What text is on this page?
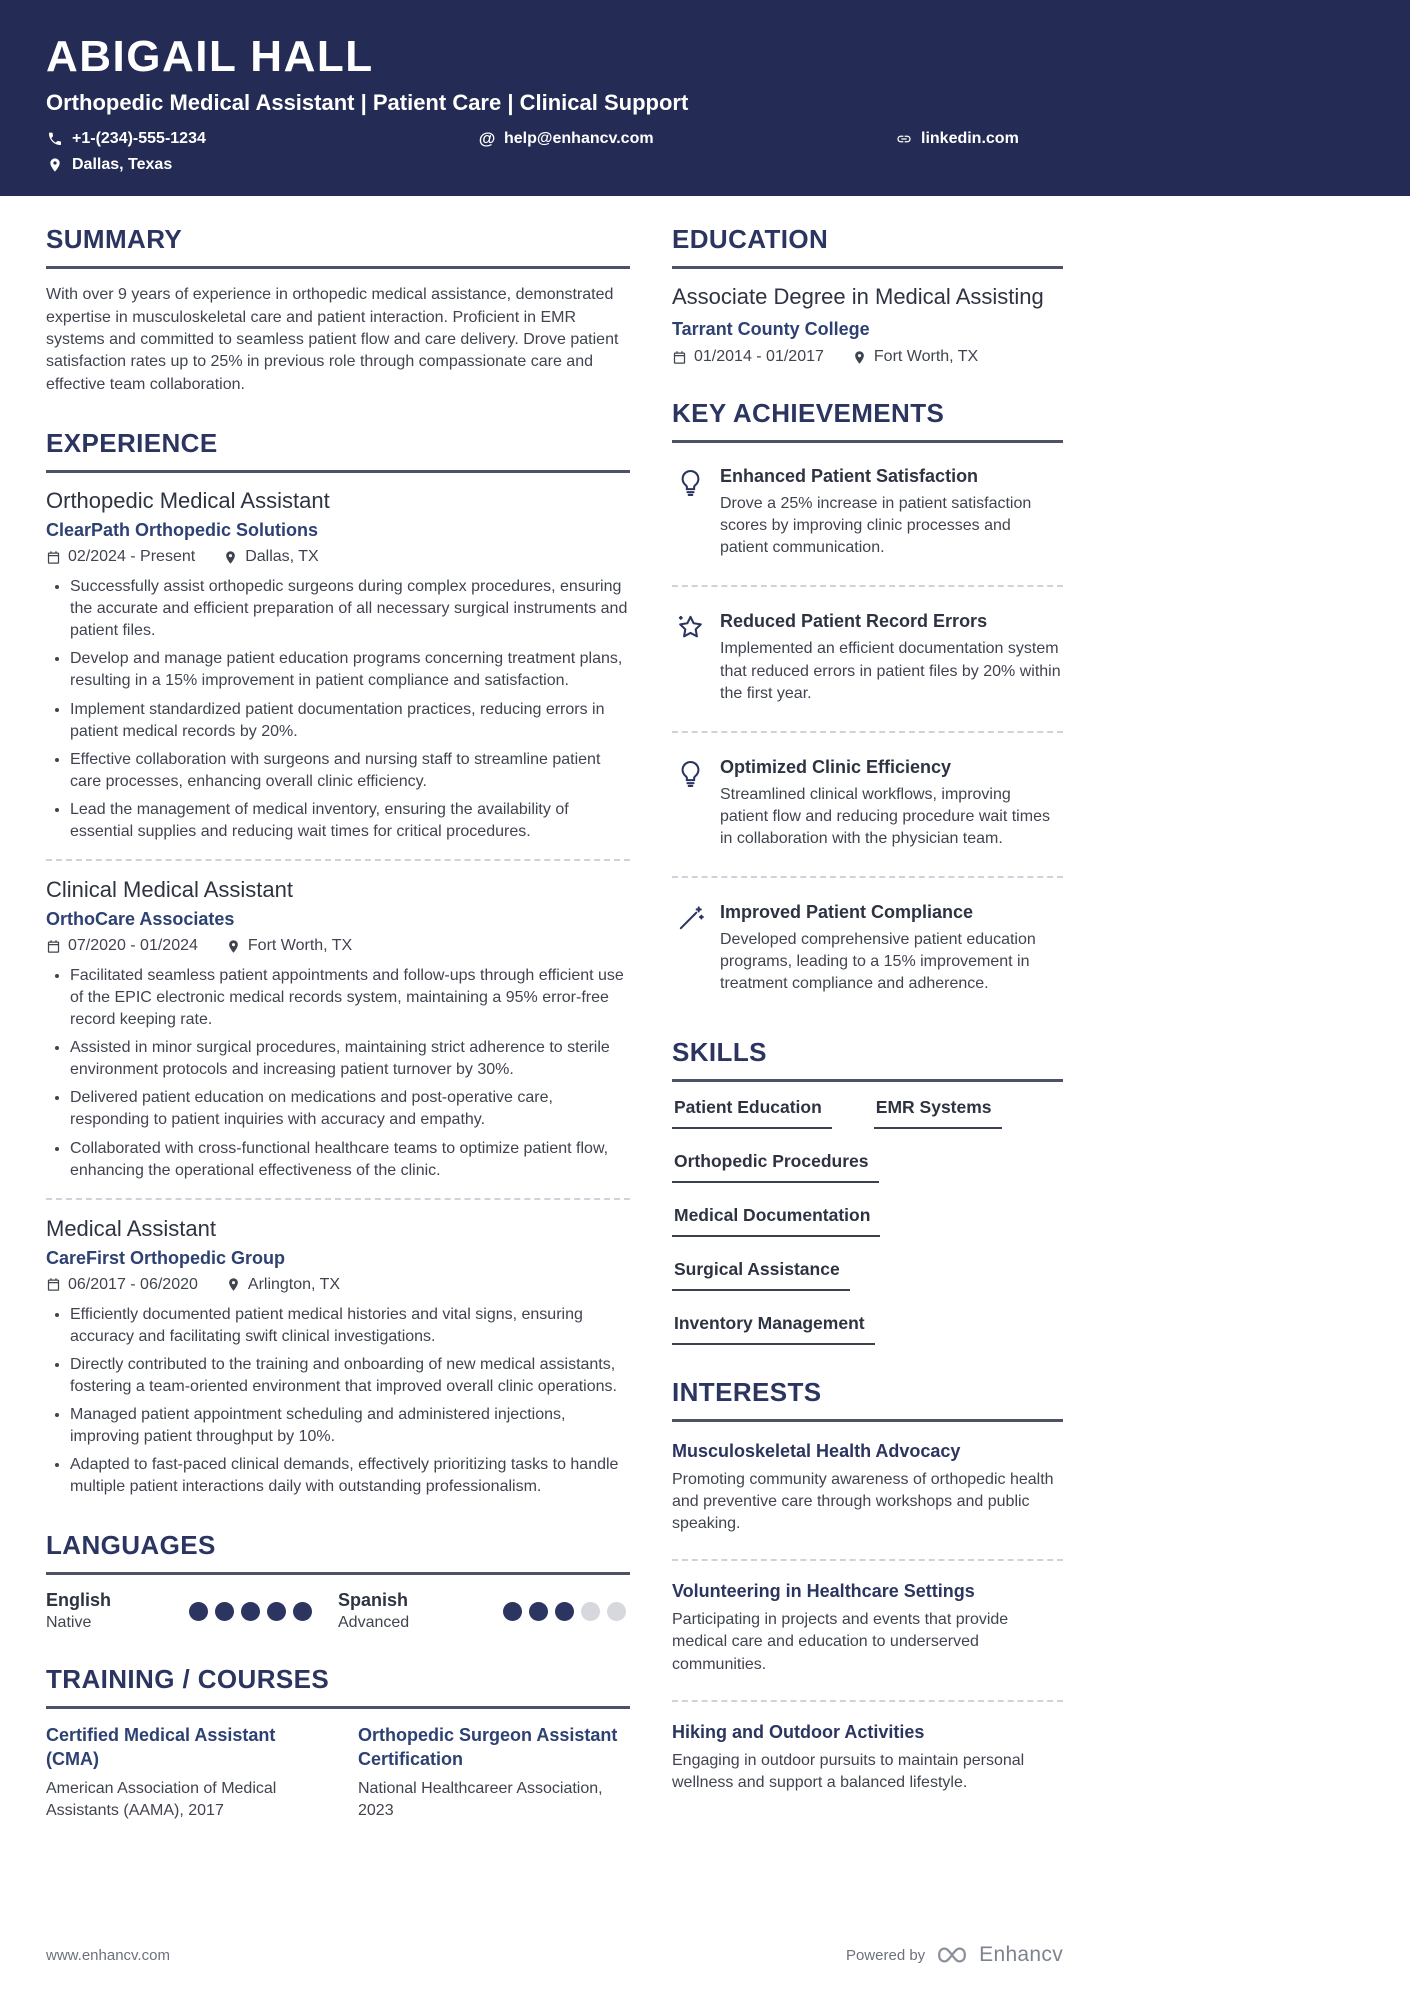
ABIGAIL HALL
Orthopedic Medical Assistant | Patient Care | Clinical Support
+1-(234)-555-1234	@ help@enhancv.com	linkedin.com
Dallas, Texas
SUMMARY

With over 9 years of experience in orthopedic medical assistance, demonstrated expertise in musculoskeletal care and patient interaction. Proficient in EMR systems and committed to seamless patient flow and care delivery. Drove patient satisfaction rates up to 25% in previous role through compassionate care and effective team collaboration.

EXPERIENCE
Orthopedic Medical Assistant
ClearPath Orthopedic Solutions
02/2024 - Present	Dallas, TX
• Successfully assist orthopedic surgeons during complex procedures, ensuring the accurate and efficient preparation of all necessary surgical instruments and patient files.
• Develop and manage patient education programs concerning treatment plans, resulting in a 15% improvement in patient compliance and satisfaction.
• Implement standardized patient documentation practices, reducing errors in patient medical records by 20%.
• Effective collaboration with surgeons and nursing staff to streamline patient care processes, enhancing overall clinic efficiency.
• Lead the management of medical inventory, ensuring the availability of essential supplies and reducing wait times for critical procedures.
Clinical Medical Assistant
OrthoCare Associates
07/2020 - 01/2024	Fort Worth, TX
• Facilitated seamless patient appointments and follow-ups through efficient use of the EPIC electronic medical records system, maintaining a 95% error-free record keeping rate.
• Assisted in minor surgical procedures, maintaining strict adherence to sterile environment protocols and increasing patient turnover by 30%.
• Delivered patient education on medications and post-operative care, responding to patient inquiries with accuracy and empathy.
• Collaborated with cross-functional healthcare teams to optimize patient flow, enhancing the operational effectiveness of the clinic.
Medical Assistant
CareFirst Orthopedic Group
06/2017 - 06/2020	Arlington, TX
• Efficiently documented patient medical histories and vital signs, ensuring accuracy and facilitating swift clinical investigations.
• Directly contributed to the training and onboarding of new medical assistants, fostering a team-oriented environment that improved overall clinic operations.
• Managed patient appointment scheduling and administered injections, improving patient throughput by 10%.
• Adapted to fast-paced clinical demands, effectively prioritizing tasks to handle multiple patient interactions daily with outstanding professionalism.
LANGUAGES
English
Native
Spanish
Advanced
TRAINING / COURSES
Certified Medical Assistant (CMA)
American Association of Medical Assistants (AAMA), 2017
Orthopedic Surgeon Assistant Certification
National Healthcareer Association, 2023
EDUCATION
Associate Degree in Medical Assisting
Tarrant County College
01/2014 - 01/2017	Fort Worth, TX
KEY ACHIEVEMENTS
Enhanced Patient Satisfaction
Drove a 25% increase in patient satisfaction scores by improving clinic processes and patient communication.
Reduced Patient Record Errors
Implemented an efficient documentation system that reduced errors in patient files by 20% within the first year.
Optimized Clinic Efficiency
Streamlined clinical workflows, improving patient flow and reducing procedure wait times in collaboration with the physician team.
Improved Patient Compliance
Developed comprehensive patient education programs, leading to a 15% improvement in treatment compliance and adherence.
SKILLS
Patient Education	EMR Systems
Orthopedic Procedures
Medical Documentation
Surgical Assistance
Inventory Management
INTERESTS
Musculoskeletal Health Advocacy
Promoting community awareness of orthopedic health and preventive care through workshops and public speaking.
Volunteering in Healthcare Settings
Participating in projects and events that provide medical care and education to underserved communities.
Hiking and Outdoor Activities
Engaging in outdoor pursuits to maintain personal wellness and support a balanced lifestyle.
www.enhancv.com	Powered by	Enhancv
